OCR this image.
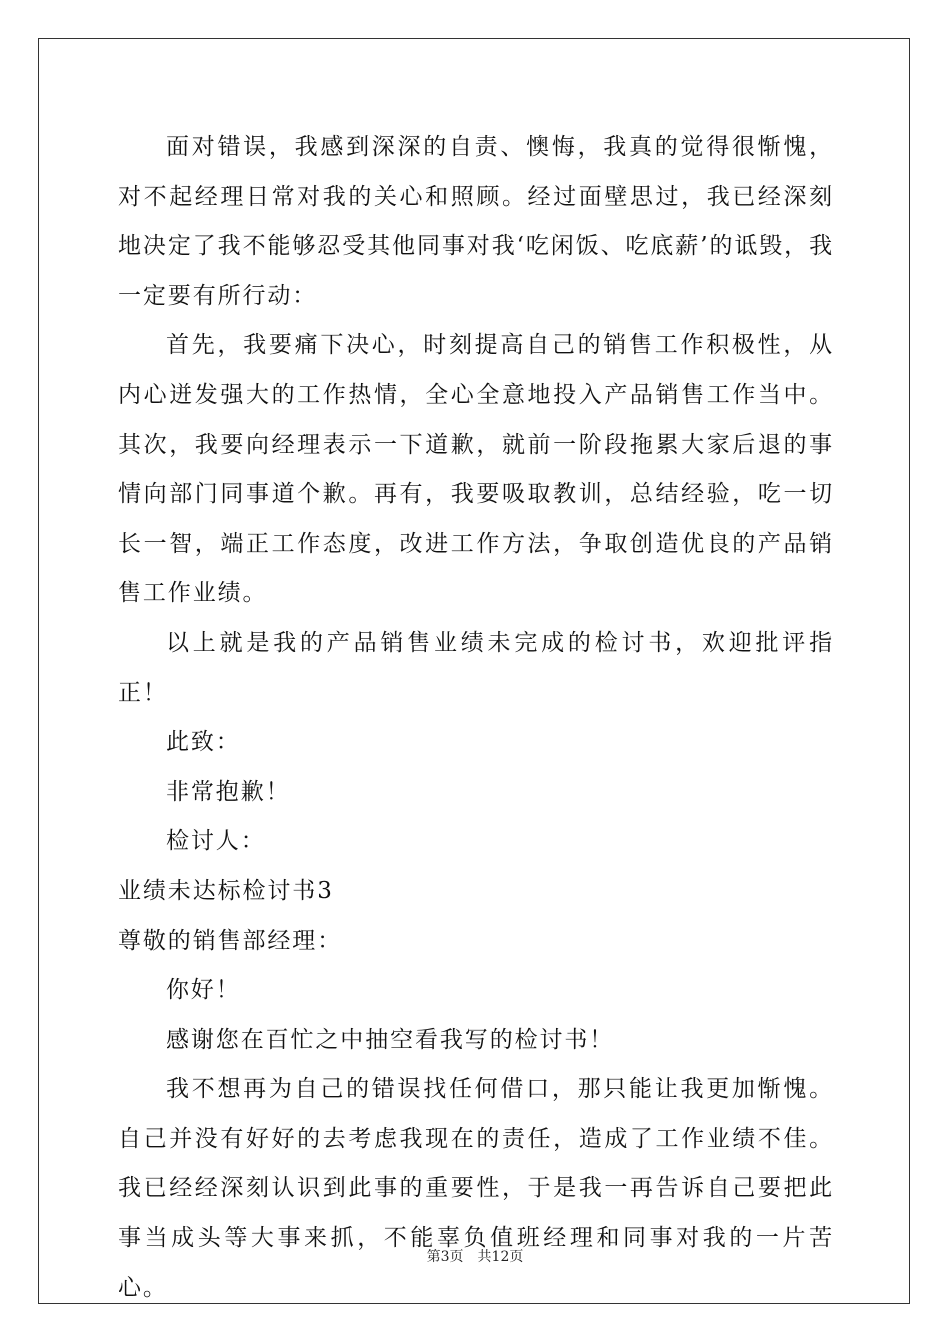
面对错误，我感到深深的自责、懊悔，我真的觉得很惭愧，对不起经理日常对我的关心和照顾。经过面壁思过，我已经深刻地决定了我不能够忍受其他同事对我‘吃闲饭、吃底薪’的诋毁，我一定要有所行动：

首先，我要痛下决心，时刻提高自己的销售工作积极性，从内心迸发强大的工作热情，全心全意地投入产品销售工作当中。其次，我要向经理表示一下道歉，就前一阶段拖累大家后退的事情向部门同事道个歉。再有，我要吸取教训，总结经验，吃一切长一智，端正工作态度，改进工作方法，争取创造优良的产品销售工作业绩。

以上就是我的产品销售业绩未完成的检讨书，欢迎批评指正！

此致：

非常抱歉！

检讨人：

业绩未达标检讨书3

尊敬的销售部经理：

你好！

感谢您在百忙之中抽空看我写的检讨书！

我不想再为自己的错误找任何借口，那只能让我更加惭愧。自己并没有好好的去考虑我现在的责任，造成了工作业绩不佳。我已经经深刻认识到此事的重要性，于是我一再告诉自己要把此事当成头等大事来抓，不能辜负值班经理和同事对我的一片苦心。

第3页　共12页
